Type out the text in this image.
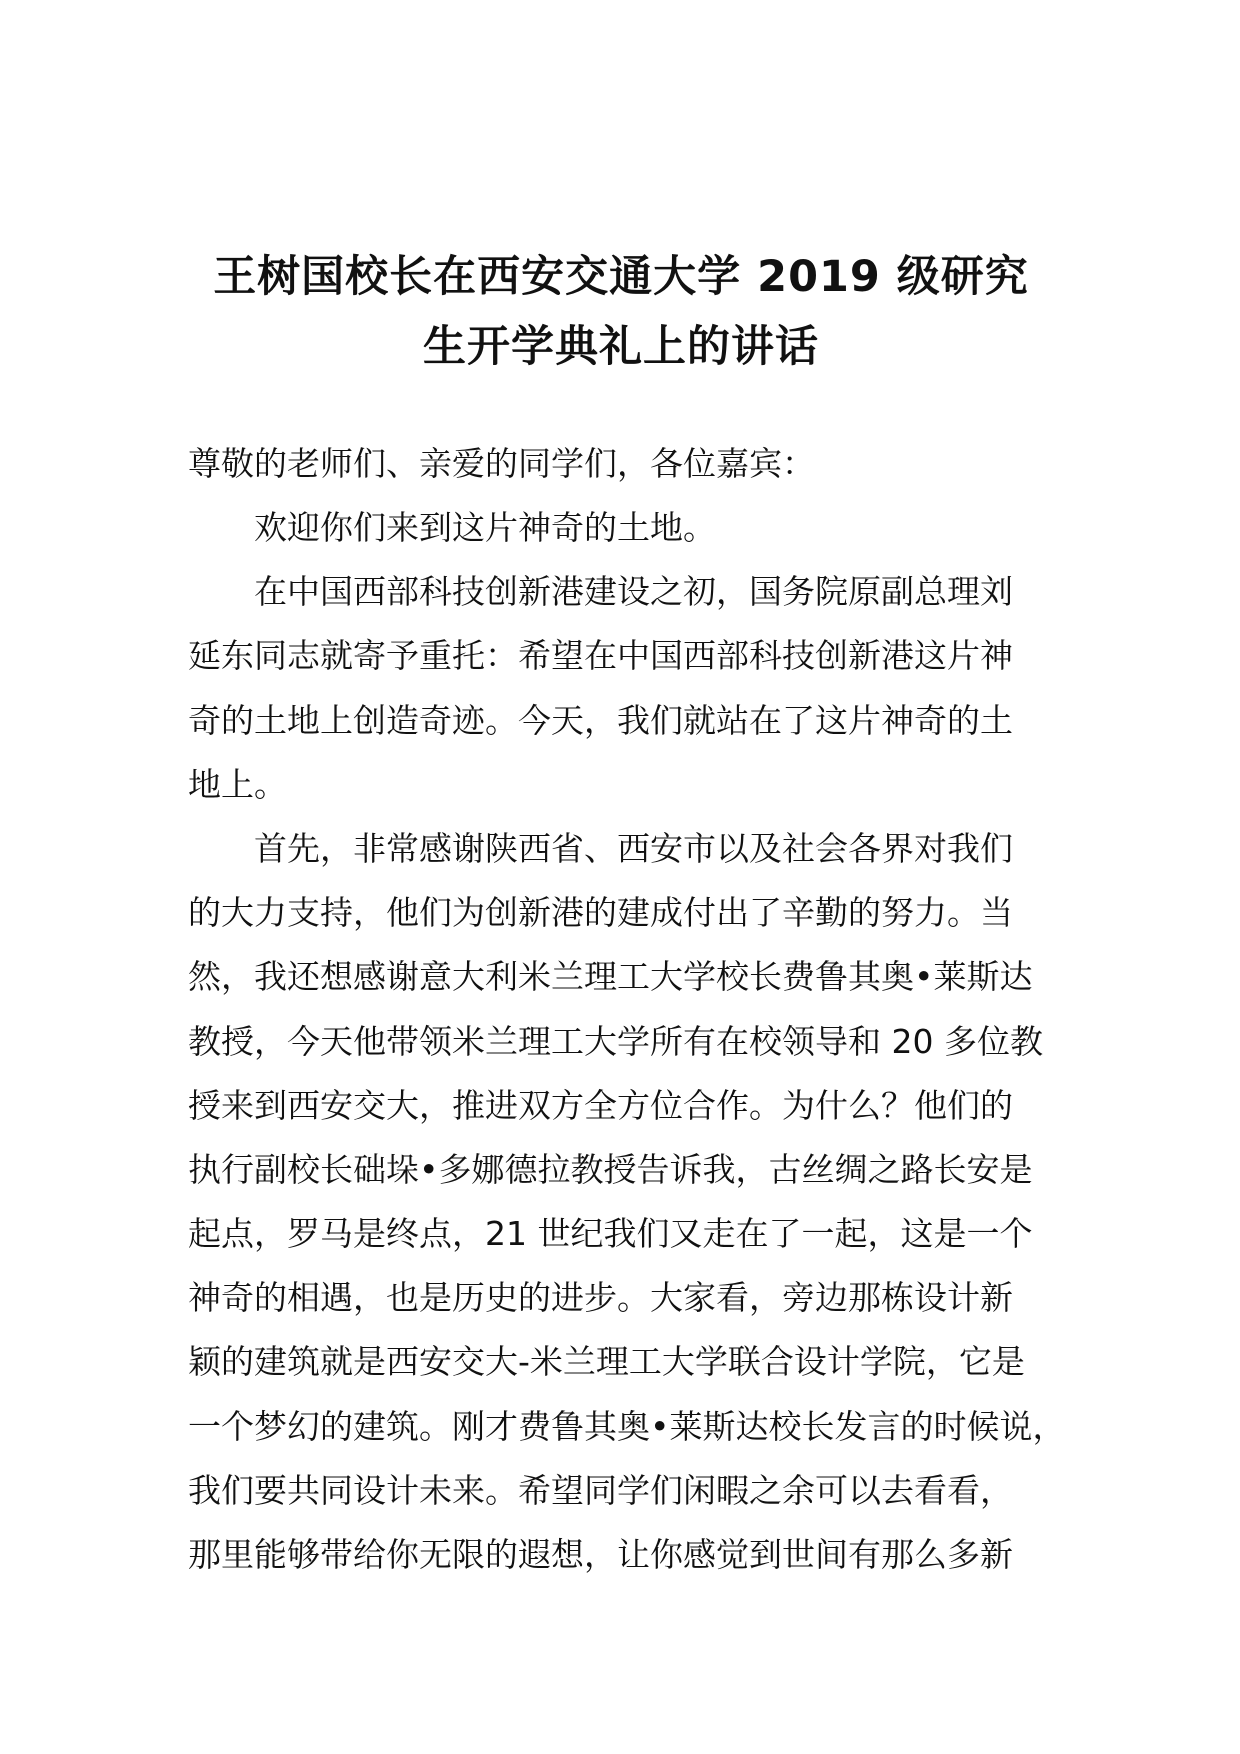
王树国校长在西安交通大学 2019 级研究
生开学典礼上的讲话

尊敬的老师们、亲爱的同学们，各位嘉宾：

欢迎你们来到这片神奇的土地。
在中国西部科技创新港建设之初，国务院原副总理刘
延东同志就寄予重托：希望在中国西部科技创新港这片神
奇的土地上创造奇迹。今天，我们就站在了这片神奇的土
地上。
首先，非常感谢陕西省、西安市以及社会各界对我们
的大力支持，他们为创新港的建成付出了辛勤的努力。当
然，我还想感谢意大利米兰理工大学校长费鲁其奥•莱斯达
教授，今天他带领米兰理工大学所有在校领导和 20 多位教
授来到西安交大，推进双方全方位合作。为什么？他们的
执行副校长础垛•多娜德拉教授告诉我，古丝绸之路长安是
起点，罗马是终点，21 世纪我们又走在了一起，这是一个
神奇的相遇，也是历史的进步。大家看，旁边那栋设计新
颖的建筑就是西安交大-米兰理工大学联合设计学院，它是
一个梦幻的建筑。刚才费鲁其奥•莱斯达校长发言的时候说，
我们要共同设计未来。希望同学们闲暇之余可以去看看，
那里能够带给你无限的遐想，让你感觉到世间有那么多新
